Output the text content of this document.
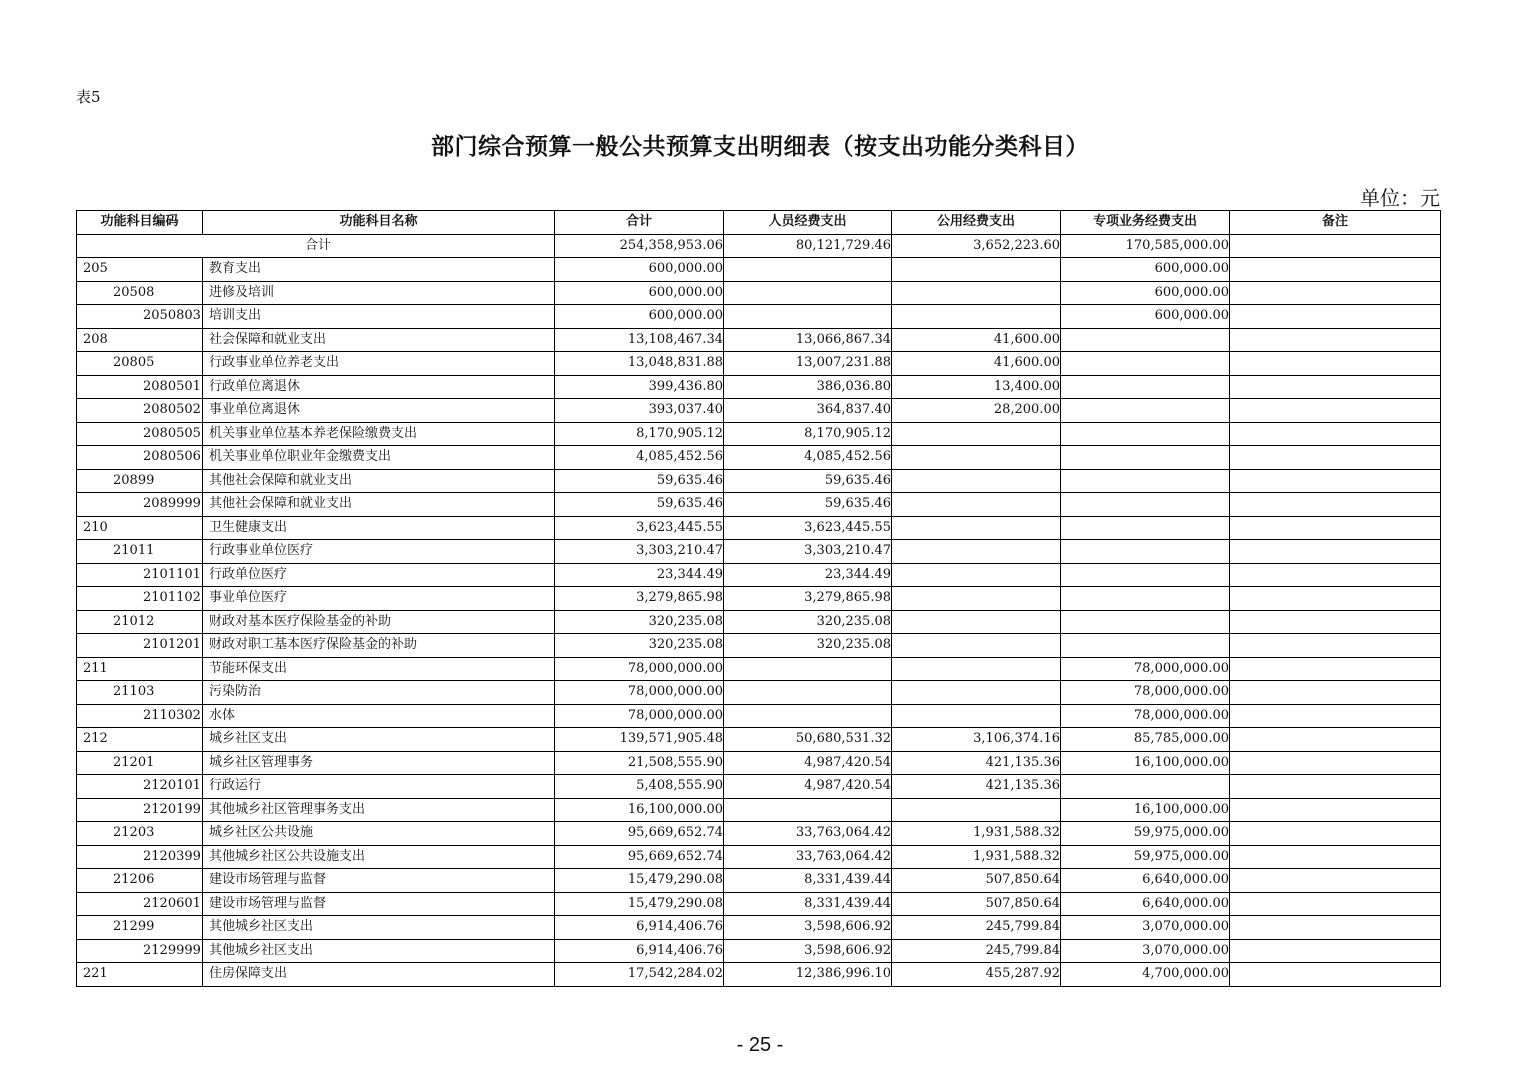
表5
部门综合预算一般公共预算支出明细表（按支出功能分类科目）
单位：元
功能科目编码	功能科目名称	合计	人员经费支出	公用经费支出	专项业务经费支出	备注
合计		254,358,953.06	80,121,729.46	3,652,223.60	170,585,000.00	
205	教育支出	600,000.00			600,000.00	
20508	进修及培训	600,000.00			600,000.00	
2050803	培训支出	600,000.00			600,000.00	
208	社会保障和就业支出	13,108,467.34	13,066,867.34	41,600.00		
20805	行政事业单位养老支出	13,048,831.88	13,007,231.88	41,600.00		
2080501	行政单位离退休	399,436.80	386,036.80	13,400.00		
2080502	事业单位离退休	393,037.40	364,837.40	28,200.00		
2080505	机关事业单位基本养老保险缴费支出	8,170,905.12	8,170,905.12			
2080506	机关事业单位职业年金缴费支出	4,085,452.56	4,085,452.56			
20899	其他社会保障和就业支出	59,635.46	59,635.46			
2089999	其他社会保障和就业支出	59,635.46	59,635.46			
210	卫生健康支出	3,623,445.55	3,623,445.55			
21011	行政事业单位医疗	3,303,210.47	3,303,210.47			
2101101	行政单位医疗	23,344.49	23,344.49			
2101102	事业单位医疗	3,279,865.98	3,279,865.98			
21012	财政对基本医疗保险基金的补助	320,235.08	320,235.08			
2101201	财政对职工基本医疗保险基金的补助	320,235.08	320,235.08			
211	节能环保支出	78,000,000.00			78,000,000.00	
21103	污染防治	78,000,000.00			78,000,000.00	
2110302	水体	78,000,000.00			78,000,000.00	
212	城乡社区支出	139,571,905.48	50,680,531.32	3,106,374.16	85,785,000.00	
21201	城乡社区管理事务	21,508,555.90	4,987,420.54	421,135.36	16,100,000.00	
2120101	行政运行	5,408,555.90	4,987,420.54	421,135.36		
2120199	其他城乡社区管理事务支出	16,100,000.00			16,100,000.00	
21203	城乡社区公共设施	95,669,652.74	33,763,064.42	1,931,588.32	59,975,000.00	
2120399	其他城乡社区公共设施支出	95,669,652.74	33,763,064.42	1,931,588.32	59,975,000.00	
21206	建设市场管理与监督	15,479,290.08	8,331,439.44	507,850.64	6,640,000.00	
2120601	建设市场管理与监督	15,479,290.08	8,331,439.44	507,850.64	6,640,000.00	
21299	其他城乡社区支出	6,914,406.76	3,598,606.92	245,799.84	3,070,000.00	
2129999	其他城乡社区支出	6,914,406.76	3,598,606.92	245,799.84	3,070,000.00	
221	住房保障支出	17,542,284.02	12,386,996.10	455,287.92	4,700,000.00	
- 25 -
